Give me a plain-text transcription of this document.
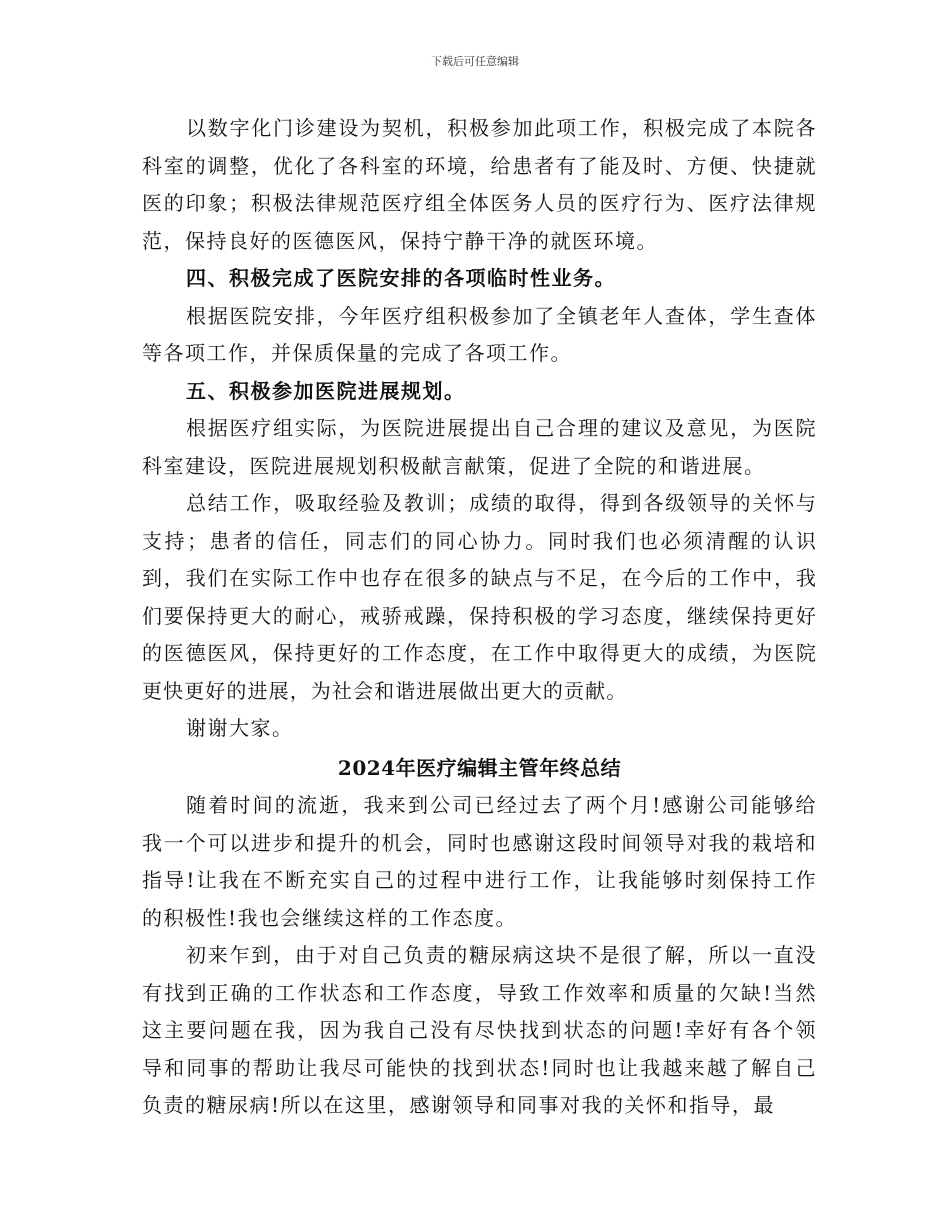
下载后可任意编辑

以数字化门诊建设为契机，积极参加此项工作，积极完成了本院各科室的调整，优化了各科室的环境，给患者有了能及时、方便、快捷就医的印象；积极法律规范医疗组全体医务人员的医疗行为、医疗法律规范，保持良好的医德医风，保持宁静干净的就医环境。

四、积极完成了医院安排的各项临时性业务。

根据医院安排，今年医疗组积极参加了全镇老年人查体，学生查体等各项工作，并保质保量的完成了各项工作。

五、积极参加医院进展规划。

根据医疗组实际，为医院进展提出自己合理的建议及意见，为医院科室建设，医院进展规划积极献言献策，促进了全院的和谐进展。

总结工作，吸取经验及教训；成绩的取得，得到各级领导的关怀与支持；患者的信任，同志们的同心协力。同时我们也必须清醒的认识到，我们在实际工作中也存在很多的缺点与不足，在今后的工作中，我们要保持更大的耐心，戒骄戒躁，保持积极的学习态度，继续保持更好的医德医风，保持更好的工作态度，在工作中取得更大的成绩，为医院更快更好的进展，为社会和谐进展做出更大的贡献。

谢谢大家。

2024年医疗编辑主管年终总结

随着时间的流逝，我来到公司已经过去了两个月!感谢公司能够给我一个可以进步和提升的机会，同时也感谢这段时间领导对我的栽培和指导!让我在不断充实自己的过程中进行工作，让我能够时刻保持工作的积极性!我也会继续这样的工作态度。

初来乍到，由于对自己负责的糖尿病这块不是很了解，所以一直没有找到正确的工作状态和工作态度，导致工作效率和质量的欠缺!当然这主要问题在我，因为我自己没有尽快找到状态的问题!幸好有各个领导和同事的帮助让我尽可能快的找到状态!同时也让我越来越了解自己负责的糖尿病!所以在这里，感谢领导和同事对我的关怀和指导，最
